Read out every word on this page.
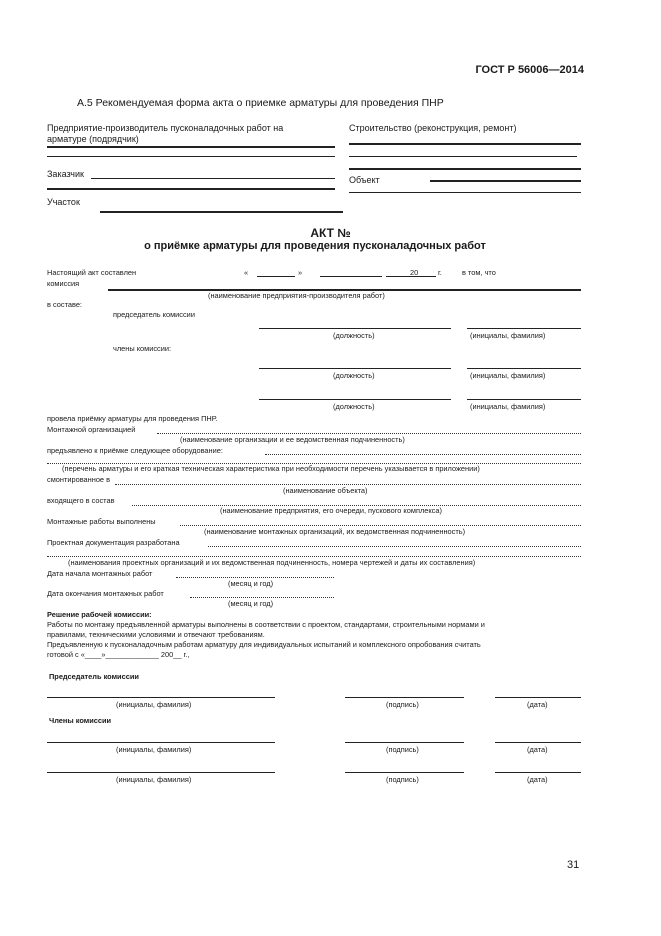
ГОСТ Р 56006—2014
А.5 Рекомендуемая форма акта о приемке арматуры для проведения ПНР
Предприятие-производитель пусконаладочных работ на
арматуре (подрядчик)
Строительство (реконструкция, ремонт)
Заказчик
Объект
Участок
АКТ №
о приёмке арматуры для проведения пусконаладочных работ
Настоящий акт составлен	«	»	20	г.	в том, что
комиссия
(наименование предприятия-производителя работ)
в составе:
председатель комиссии
(должность)	(инициалы, фамилия)
члены комиссии:
(должность)	(инициалы, фамилия)
(должность)	(инициалы, фамилия)
провела приёмку арматуры для проведения ПНР.
Монтажной организацией
(наименование организации и ее ведомственная подчиненность)
предъявлено к приёмке следующее оборудование:
(перечень арматуры и его краткая техническая характеристика при необходимости перечень указывается в приложении)
смонтированное в
(наименование объекта)
входящего в состав
(наименование предприятия, его очереди, пускового комплекса)
Монтажные работы выполнены
(наименование монтажных организаций, их ведомственная подчиненность)
Проектная документация разработана
(наименования проектных организаций и их ведомственная подчиненность, номера чертежей и даты их составления)
Дата начала монтажных работ
(месяц и год)
Дата окончания монтажных работ
(месяц и год)
Решение рабочей комиссии:
Работы по монтажу предъявленной арматуры выполнены в соответствии с проектом, стандартами, строительными нормами и
правилами, техническими условиями и отвечают требованиям.
Предъявленную к пусконаладочным работам арматуру для индивидуальных испытаний и комплексного опробования считать
готовой с «____»_____________ 200__ г.,
Председатель комиссии
(инициалы, фамилия)	(подпись)	(дата)
Члены комиссии
(инициалы, фамилия)	(подпись)	(дата)
(инициалы, фамилия)	(подпись)	(дата)
31
